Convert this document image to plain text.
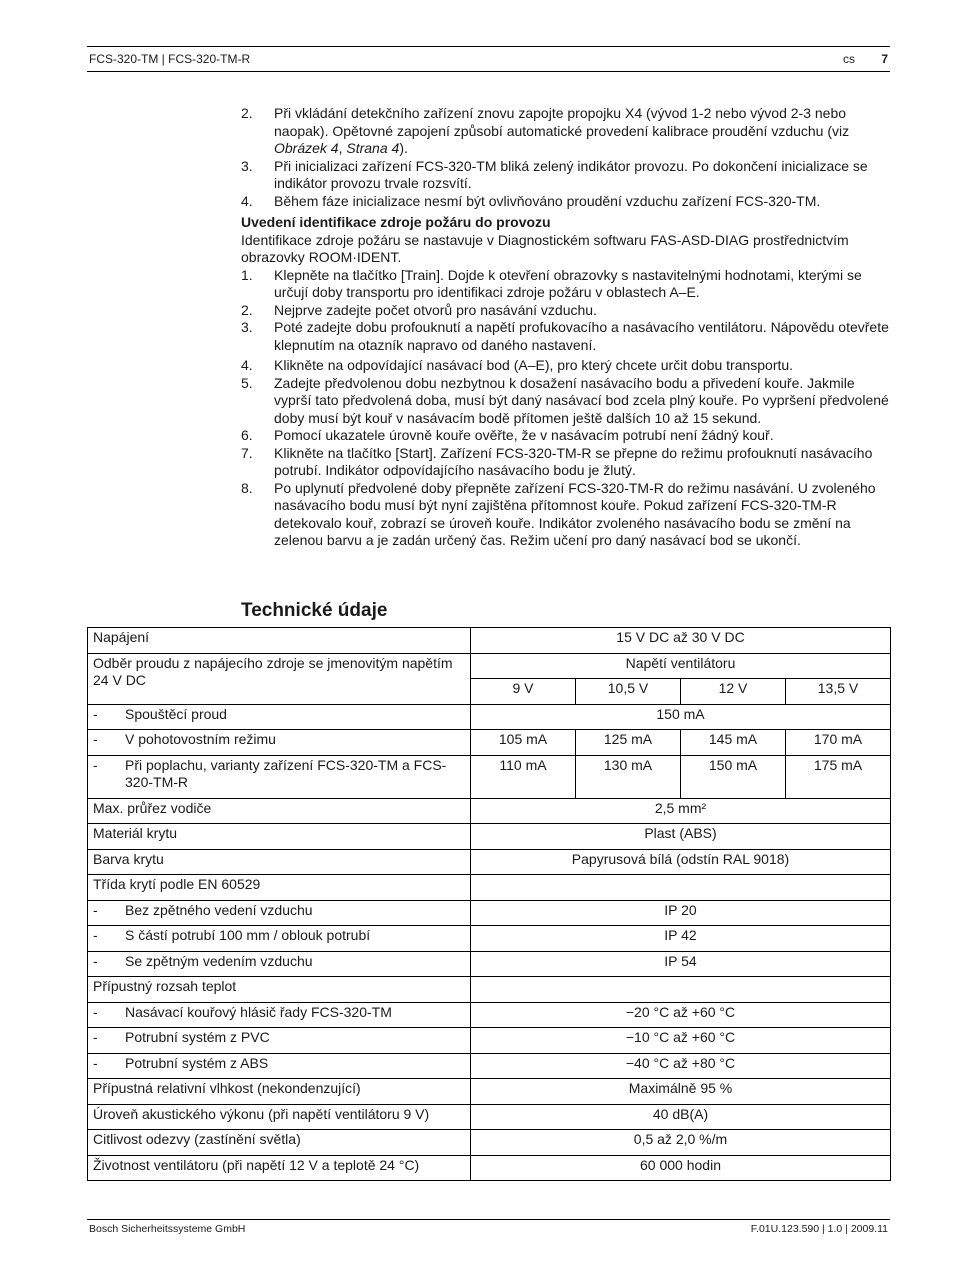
FCS-320-TM | FCS-320-TM-R	cs 7
2. Při vkládání detekčního zařízení znovu zapojte propojku X4 (vývod 1-2 nebo vývod 2-3 nebo naopak). Opětovné zapojení způsobí automatické provedení kalibrace proudění vzduchu (viz Obrázek 4, Strana 4).
3. Při inicializaci zařízení FCS-320-TM bliká zelený indikátor provozu. Po dokončení inicializace se indikátor provozu trvale rozsvítí.
4. Během fáze inicializace nesmí být ovlivňováno proudění vzduchu zařízení FCS-320-TM.
Uvedení identifikace zdroje požáru do provozu
Identifikace zdroje požáru se nastavuje v Diagnostickém softwaru FAS-ASD-DIAG prostřednictvím obrazovky ROOM·IDENT.
1. Klepněte na tlačítko [Train]. Dojde k otevření obrazovky s nastavitelnými hodnotami, kterými se určují doby transportu pro identifikaci zdroje požáru v oblastech A–E.
2. Nejprve zadejte počet otvorů pro nasávání vzduchu.
3. Poté zadejte dobu profouknutí a napětí profukovacího a nasávacího ventilátoru. Nápovědu otevřete klepnutím na otazník napravo od daného nastavení.
4. Klikněte na odpovídající nasávací bod (A–E), pro který chcete určit dobu transportu.
5. Zadejte předvolenou dobu nezbytnou k dosažení nasávacího bodu a přivedení kouře. Jakmile vyprší tato předvolená doba, musí být daný nasávací bod zcela plný kouře. Po vypršení předvolené doby musí být kouř v nasávacím bodě přítomen ještě dalších 10 až 15 sekund.
6. Pomocí ukazatele úrovně kouře ověřte, že v nasávacím potrubí není žádný kouř.
7. Klikněte na tlačítko [Start]. Zařízení FCS-320-TM-R se přepne do režimu profouknutí nasávacího potrubí. Indikátor odpovídajícího nasávacího bodu je žlutý.
8. Po uplynutí předvolené doby přepněte zařízení FCS-320-TM-R do režimu nasávání. U zvoleného nasávacího bodu musí být nyní zajištěna přítomnost kouře. Pokud zařízení FCS-320-TM-R detekovalo kouř, zobrazí se úroveň kouře. Indikátor zvoleného nasávacího bodu se změní na zelenou barvu a je zadán určený čas. Režim učení pro daný nasávací bod se ukončí.
Technické údaje
Napájení	15 V DC až 30 V DC			
Odběr proudu z napájecího zdroje se jmenovitým napětím 24 V DC	Napětí ventilátoru			
	9 V	10,5 V	12 V	13,5 V
- Spouštěcí proud	150 mA			
- V pohotovostním režimu	105 mA	125 mA	145 mA	170 mA

- Při poplachu, varianty zařízení FCS-320-TM a FCS-320-TM-R	110 mA	130 mA	150 mA	175 mA
Max. průřez vodiče	2,5 mm²			
Materiál krytu	Plast (ABS)			
Barva krytu	Papyrusová bílá (odstín RAL 9018)			
Třída krytí podle EN 60529				
- Bez zpětného vedení vzduchu	IP 20			
- S částí potrubí 100 mm / oblouk potrubí	IP 42			
- Se zpětným vedením vzduchu	IP 54			
Přípustný rozsah teplot				
- Nasávací kouřový hlásič řady FCS-320-TM	−20 °C až +60 °C			
- Potrubní systém z PVC	−10 °C až +60 °C			
- Potrubní systém z ABS	−40 °C až +80 °C			
Přípustná relativní vlhkost (nekondenzující)	Maximálně 95 %			
Úroveň akustického výkonu (při napětí ventilátoru 9 V)	40 dB(A)			
Citlivost odezvy (zastínění světla)	0,5 až 2,0 %/m			
Životnost ventilátoru (při napětí 12 V a teplotě 24 °C)	60 000 hodin			
Bosch Sicherheitssysteme GmbH	F.01U.123.590 | 1.0 | 2009.11
